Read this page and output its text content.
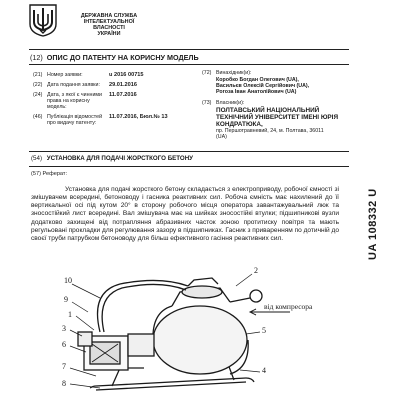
ДЕРЖАВНА СЛУЖБА
ІНТЕЛЕКТУАЛЬНОЇ
ВЛАСНОСТІ
УКРАЇНИ
(12) ОПИС ДО ПАТЕНТУ НА КОРИСНУ МОДЕЛЬ
(21) Номер заявки:	u 2016 00715
(22) Дата подання заявки:	29.01.2016
(24) Дата, з якої є чинними права на корисну модель:
11.07.2016
(46) Публікація відомостей про видачу патенту:
11.07.2016, Бюл.№ 13
(72) Винахідник(и):
Коробко Богдан Олегович (UA),
Васильєв Олексій Сергійович (UA),
Рогоза Іван Анатолійович (UA)
(73) Власник(и):
ПОЛТАВСЬКИЙ НАЦІОНАЛЬНИЙ
ТЕХНІЧНИЙ УНІВЕРСИТЕТ ІМЕНІ ЮРІЯ
КОНДРАТЮКА,
пр. Першотравневий, 24, м. Полтава, 36011
(UA)
(54) УСТАНОВКА ДЛЯ ПОДАЧІ ЖОРСТКОГО БЕТОНУ
(57) Реферат:
Установка для подачі жорсткого бетону складається з електроприводу, робочої ємності зі змішувачем всередині, бетоноводу і гасника реактивних сил. Робоча ємність має нахилений до її вертикальної осі під кутом 20° в сторону робочого місця оператора завантажувальний люк та зносостійкий лист всередині. Вал змішувача має на шийках зносостійкі втулки; підшипникові вузли додатково захищені від потрапляння абразивних часток зоною протитиску повітря та мають регульовані прокладки для регулювання зазору в підшипниках. Гасник з приваренням по дотичній до своєї труби патрубком бетоноводу для більш ефективного гасіння реактивних сил.	UA 108332 U
10
9
1
3
6
7
8
5
2
4
від компресора
